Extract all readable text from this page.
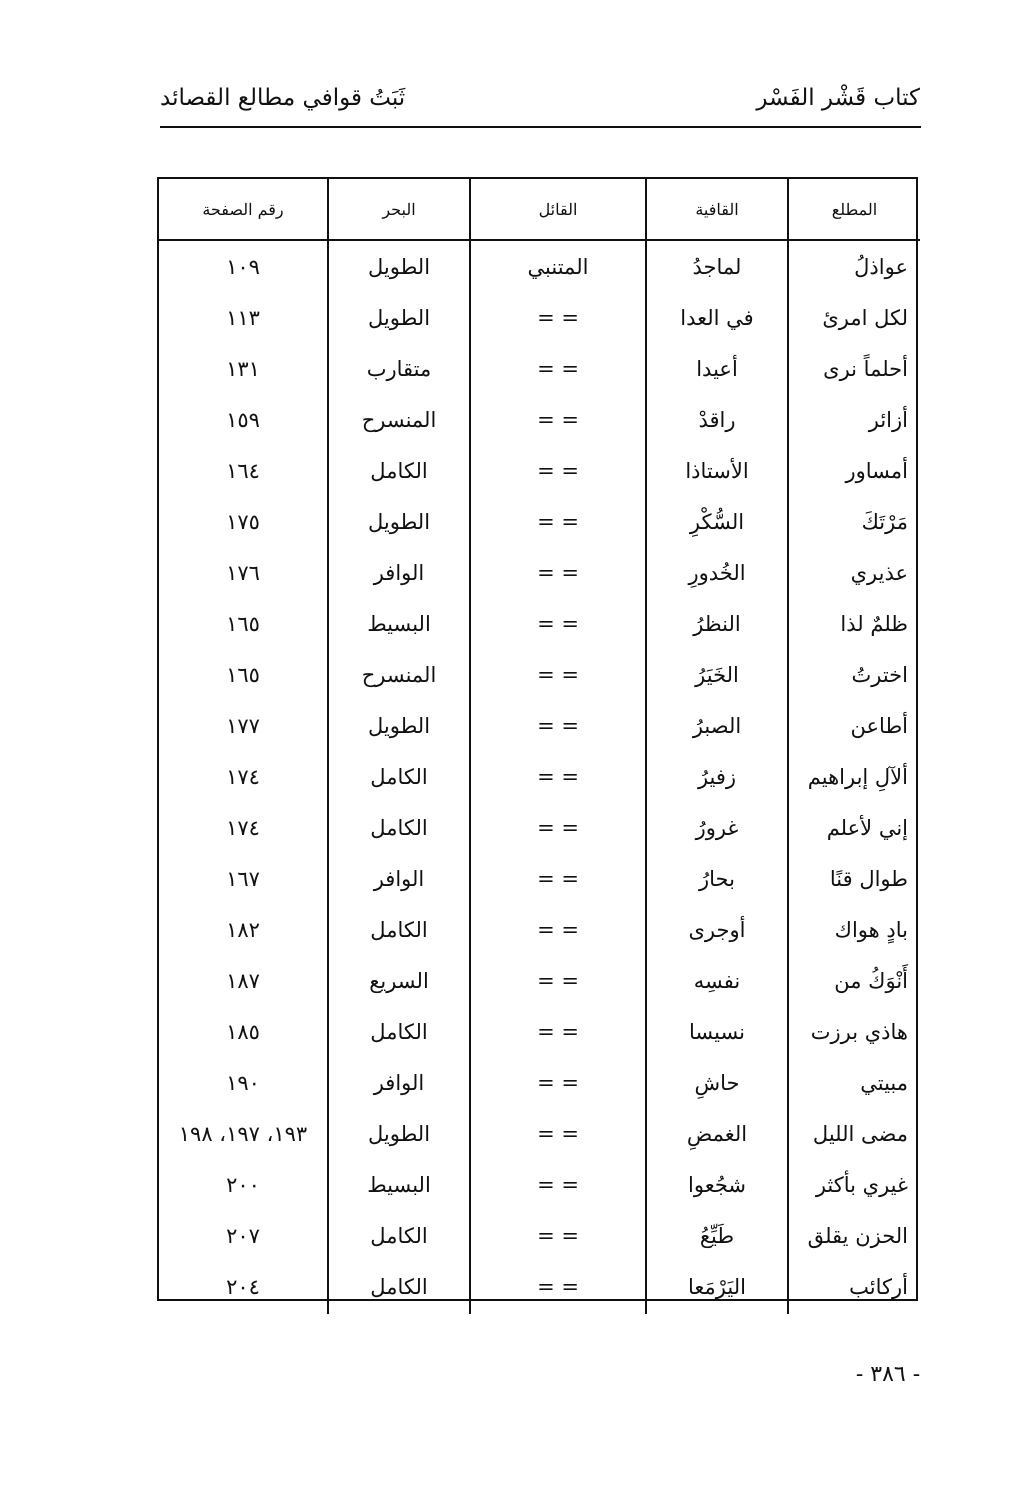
كتاب قَشْر الفَسْر
ثَبَتُ قوافي مطالع القصائد
المطلع	القافية	القائل	البحر	رقم الصفحة
عواذلُ	لماجدُ	المتنبي	الطويل	١٠٩
لكل امرئ	في العدا	= =	الطويل	١١٣
أحلماً نرى	أعيدا	= =	متقارب	١٣١
أزائر	راقدْ	= =	المنسرح	١٥٩
أمساور	الأستاذا	= =	الكامل	١٦٤
مَرْتَكَ	السُّكْرِ	= =	الطويل	١٧٥
عذيري	الخُدورِ	= =	الوافر	١٧٦
ظلمٌ لذا	النظرُ	= =	البسيط	١٦٥
اخترتُ	الخَيَرُ	= =	المنسرح	١٦٥
أطاعن	الصبرُ	= =	الطويل	١٧٧
ألآلِ إبراهيم	زفيرُ	= =	الكامل	١٧٤
إني لأعلم	غرورُ	= =	الكامل	١٧٤
طوال قنًا	بحارُ	= =	الوافر	١٦٧
بادٍ هواك	أوجرى	= =	الكامل	١٨٢
أَنْوَكُ من	نفسِه	= =	السريع	١٨٧
هاذي برزت	نسيسا	= =	الكامل	١٨٥
مبيتي	حاشِ	= =	الوافر	١٩٠
مضى الليل	الغمضِ	= =	الطويل	١٩٣، ١٩٧، ١٩٨
غيري بأكثر	شجُعوا	= =	البسيط	٢٠٠
الحزن يقلق	طَيِّعُ	= =	الكامل	٢٠٧
أركائب	اليَرْمَعا	= =	الكامل	٢٠٤

- ٣٨٦ -
